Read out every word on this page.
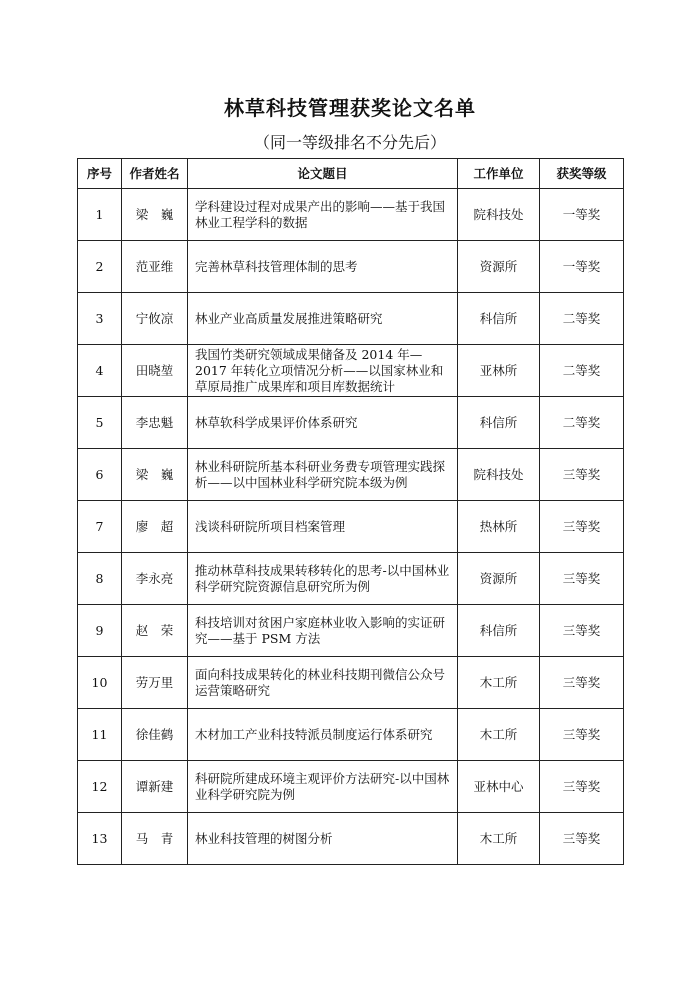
林草科技管理获奖论文名单
（同一等级排名不分先后）
序号	作者姓名	论文题目	工作单位	获奖等级
1	梁　巍	学科建设过程对成果产出的影响——基于我国林业工程学科的数据	院科技处	一等奖
2	范亚维	完善林草科技管理体制的思考	资源所	一等奖
3	宁攸凉	林业产业高质量发展推进策略研究	科信所	二等奖
4	田晓堃	我国竹类研究领域成果储备及 2014 年—2017 年转化立项情况分析——以国家林业和草原局推广成果库和项目库数据统计	亚林所	二等奖
5	李忠魁	林草软科学成果评价体系研究	科信所	二等奖
6	梁　巍	林业科研院所基本科研业务费专项管理实践探析——以中国林业科学研究院本级为例	院科技处	三等奖
7	廖　超	浅谈科研院所项目档案管理	热林所	三等奖
8	李永亮	推动林草科技成果转移转化的思考-以中国林业科学研究院资源信息研究所为例	资源所	三等奖
9	赵　荣	科技培训对贫困户家庭林业收入影响的实证研究——基于 PSM 方法	科信所	三等奖
10	劳万里	面向科技成果转化的林业科技期刊微信公众号运营策略研究	木工所	三等奖
11	徐佳鹤	木材加工产业科技特派员制度运行体系研究	木工所	三等奖
12	谭新建	科研院所建成环境主观评价方法研究-以中国林业科学研究院为例	亚林中心	三等奖
13	马　青	林业科技管理的树图分析	木工所	三等奖
